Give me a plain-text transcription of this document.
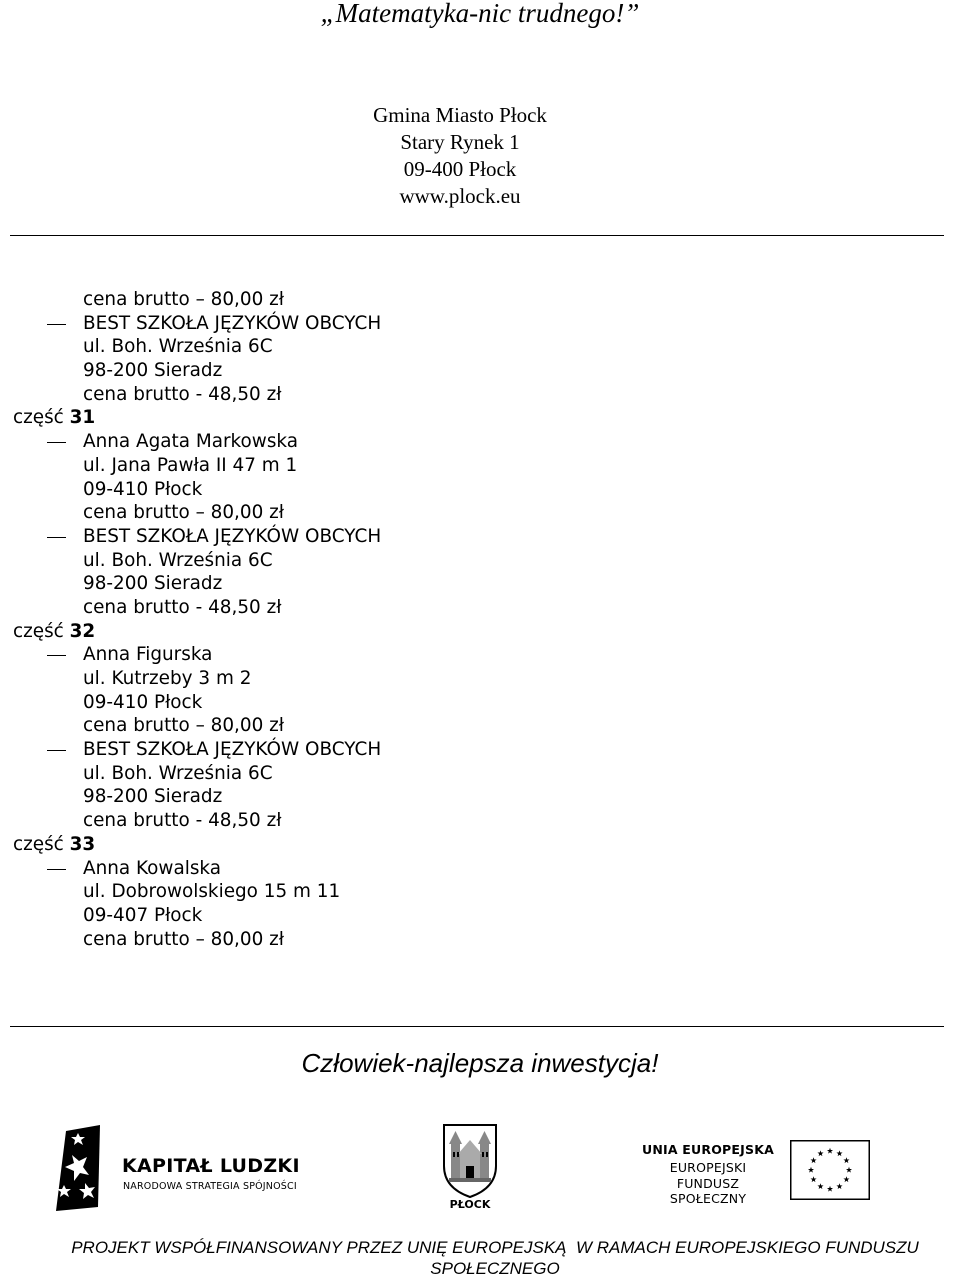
„Matematyka-nic trudnego!”
Gmina Miasto Płock
Stary Rynek 1
09-400 Płock
www.plock.eu
cena brutto – 80,00 zł
BEST SZKOŁA JĘZYKÓW OBCYCH
ul. Boh. Września 6C
98-200 Sieradz
cena brutto - 48,50 zł
część 31
Anna Agata Markowska
ul. Jana Pawła II 47 m 1
09-410 Płock
cena brutto – 80,00 zł
BEST SZKOŁA JĘZYKÓW OBCYCH
ul. Boh. Września 6C
98-200 Sieradz
cena brutto - 48,50 zł
część 32
Anna Figurska
ul. Kutrzeby 3 m 2
09-410 Płock
cena brutto – 80,00 zł
BEST SZKOŁA JĘZYKÓW OBCYCH
ul. Boh. Września 6C
98-200 Sieradz
cena brutto - 48,50 zł
część 33
Anna Kowalska
ul. Dobrowolskiego 15 m 11
09-407 Płock
cena brutto – 80,00 zł
Człowiek-najlepsza inwestycja!
KAPITAŁ LUDZKI
NARODOWA STRATEGIA SPÓJNOŚCI
PŁOCK
UNIA EUROPEJSKA
EUROPEJSKI
FUNDUSZ SPOŁECZNY
PROJEKT WSPÓŁFINANSOWANY PRZEZ UNIĘ EUROPEJSKĄ  W RAMACH EUROPEJSKIEGO FUNDUSZU
SPOŁECZNEGO
